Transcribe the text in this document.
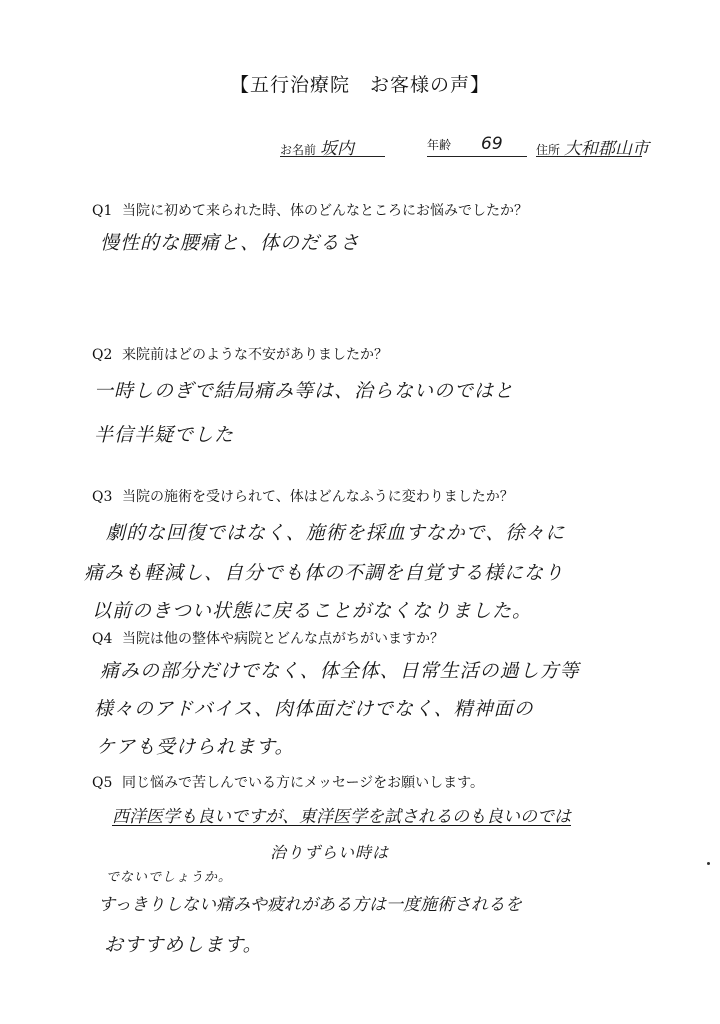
【五行治療院　お客様の声】
お名前 坂内	年齢 69	住所 大和郡山市
Q1 当院に初めて来られた時、体のどんなところにお悩みでしたか？
慢性的な腰痛と、体のだるさ
Q2 来院前はどのような不安がありましたか？
一時しのぎで結局痛み等は、治らないのではと
半信半疑でした
Q3 当院の施術を受けられて、体はどんなふうに変わりましたか？
劇的な回復ではなく、施術を採血すなかで、徐々に
痛みも軽減し、自分でも体の不調を自覚する様になり
以前のきつい状態に戻ることがなくなりました。
Q4 当院は他の整体や病院とどんな点がちがいますか？
痛みの部分だけでなく、体全体、日常生活の過し方等
様々のアドバイス、肉体面だけでなく、精神面の
ケアも受けられます。
Q5 同じ悩みで苦しんでいる方にメッセージをお願いします。
西洋医学も良いですが、東洋医学を試されるのも良いのでは
治りずらい時は
でないでしょうか。
すっきりしない痛みや疲れがある方は一度施術されるを
おすすめします。
